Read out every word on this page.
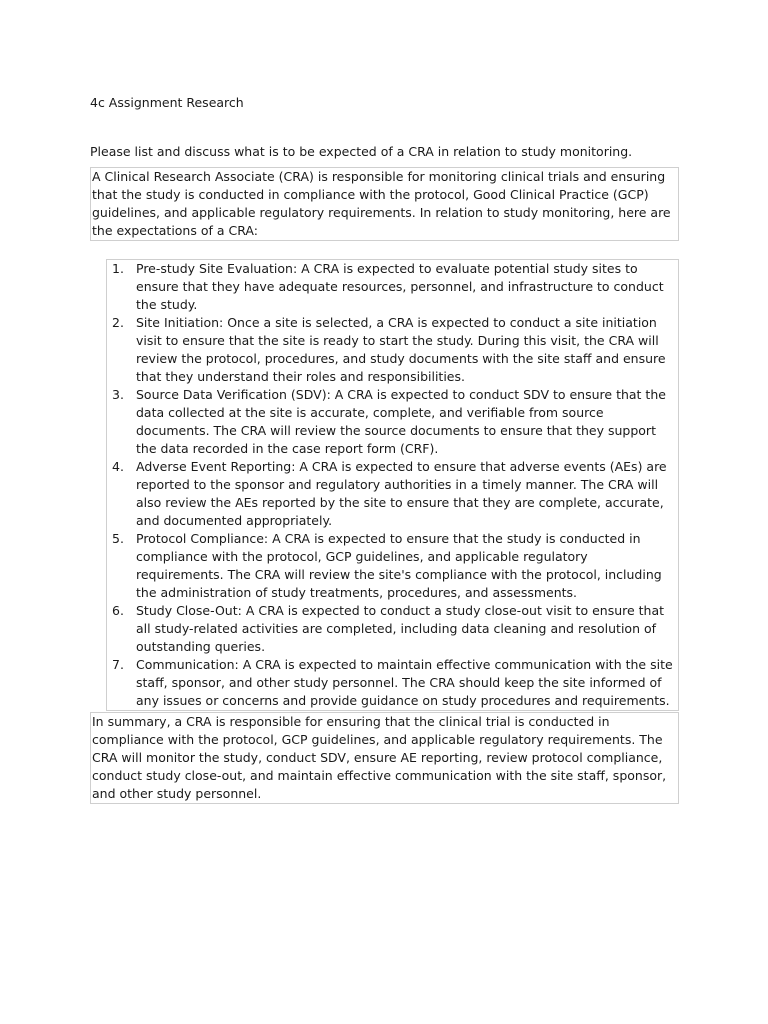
4c Assignment Research

Please list and discuss what is to be expected of a CRA in relation to study monitoring.

A Clinical Research Associate (CRA) is responsible for monitoring clinical trials and ensuring that the study is conducted in compliance with the protocol, Good Clinical Practice (GCP) guidelines, and applicable regulatory requirements. In relation to study monitoring, here are the expectations of a CRA:

1. Pre-study Site Evaluation: A CRA is expected to evaluate potential study sites to ensure that they have adequate resources, personnel, and infrastructure to conduct the study.
2. Site Initiation: Once a site is selected, a CRA is expected to conduct a site initiation visit to ensure that the site is ready to start the study. During this visit, the CRA will review the protocol, procedures, and study documents with the site staff and ensure that they understand their roles and responsibilities.
3. Source Data Verification (SDV): A CRA is expected to conduct SDV to ensure that the data collected at the site is accurate, complete, and verifiable from source documents. The CRA will review the source documents to ensure that they support the data recorded in the case report form (CRF).
4. Adverse Event Reporting: A CRA is expected to ensure that adverse events (AEs) are reported to the sponsor and regulatory authorities in a timely manner. The CRA will also review the AEs reported by the site to ensure that they are complete, accurate, and documented appropriately.
5. Protocol Compliance: A CRA is expected to ensure that the study is conducted in compliance with the protocol, GCP guidelines, and applicable regulatory requirements. The CRA will review the site's compliance with the protocol, including the administration of study treatments, procedures, and assessments.
6. Study Close-Out: A CRA is expected to conduct a study close-out visit to ensure that all study-related activities are completed, including data cleaning and resolution of outstanding queries.
7. Communication: A CRA is expected to maintain effective communication with the site staff, sponsor, and other study personnel. The CRA should keep the site informed of any issues or concerns and provide guidance on study procedures and requirements.

In summary, a CRA is responsible for ensuring that the clinical trial is conducted in compliance with the protocol, GCP guidelines, and applicable regulatory requirements. The CRA will monitor the study, conduct SDV, ensure AE reporting, review protocol compliance, conduct study close-out, and maintain effective communication with the site staff, sponsor, and other study personnel.
